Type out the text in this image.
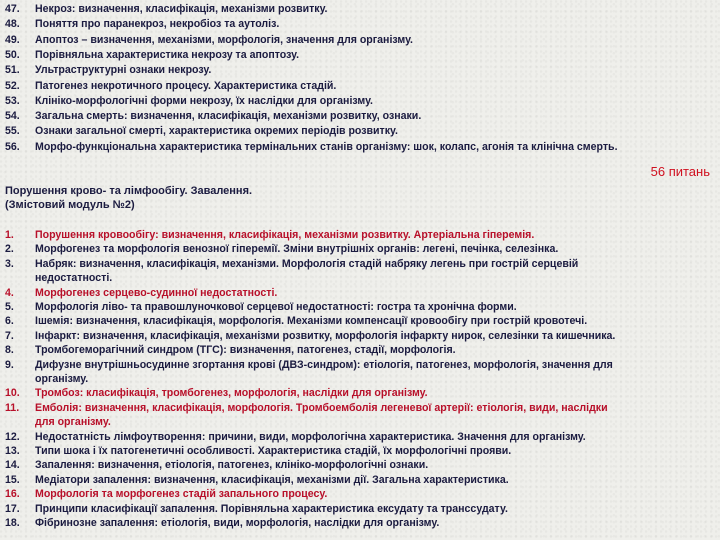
47. Некроз: визначення, класифікація, механізми розвитку.
48. Поняття про паранекроз, некробіоз та аутоліз.
49. Апоптоз – визначення, механізми, морфологія, значення для організму.
50. Порівняльна характеристика некрозу та апоптозу.
51. Ультраструктурні ознаки некрозу.
52. Патогенез некротичного процесу. Характеристика стадій.
53. Клініко-морфологічні форми некрозу, їх наслідки для організму.
54. Загальна смерть: визначення, класифікація, механізми розвитку, ознаки.
55. Ознаки загальної смерті, характеристика окремих періодів розвитку.
56. Морфо-функціональна характеристика термінальних станів організму: шок, колапс, агонія та клінічна смерть.
56 питань
Порушення крово- та лімфообігу. Завалення.
(Змістовий модуль №2)
1. Порушення кровообігу: визначення, класифікація, механізми розвитку. Артеріальна гіперемія.
2. Морфогенез та морфологія венозної гіперемії. Зміни внутрішніх органів: легені, печінка, селезінка.
3. Набряк: визначення, класифікація, механізми. Морфологія стадій набряку легень при гострій серцевій
недостатності.
4. Морфогенез серцево-судинної недостатності.
5. Морфологія ліво- та правошлуночкової серцевої недостатності: гостра та хронічна форми.
6. Ішемія: визначення, класифікація, морфологія. Механізми компенсації кровообігу при гострій кровотечі.
7. Інфаркт: визначення, класифікація, механізми розвитку, морфологія інфаркту нирок, селезінки та кишечника.
8. Тромбогеморагічний синдром (ТГС): визначення, патогенез, стадії, морфологія.
9. Дифузне внутрішньосудинне згортання крові (ДВЗ-синдром): етіологія, патогенез, морфологія, значення для
організму.
10. Тромбоз: класифікація, тромбогенез, морфологія, наслідки для організму.
11. Емболія: визначення, класифікація, морфологія. Тромбоемболія легеневої артерії: етіологія, види, наслідки
для організму.
12. Недостатність лімфоутворення: причини, види, морфологічна характеристика. Значення для організму.
13. Типи шока і їх патогенетичні особливості. Характеристика стадій, їх морфологічні прояви.
14. Запалення: визначення, етіологія, патогенез, клініко-морфологічні ознаки.
15. Медіатори запалення: визначення, класифікація, механізми дії. Загальна характеристика.
16. Морфологія та морфогенез стадій запального процесу.
17. Принципи класифікації запалення. Порівняльна характеристика ексудату та транссудату.
18. Фібринозне запалення: етіологія, види, морфологія, наслідки для організму.
